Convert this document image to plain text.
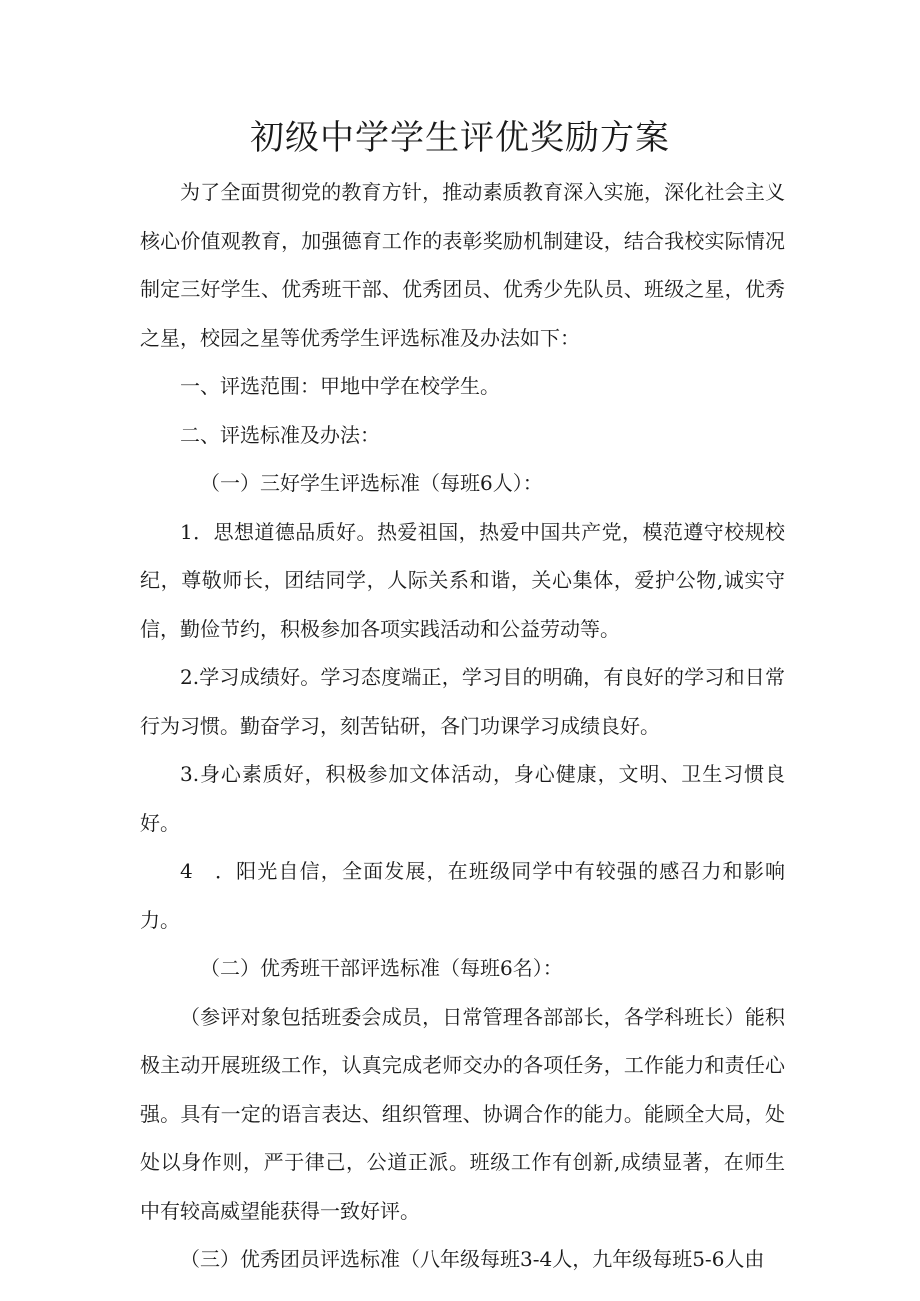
初级中学学生评优奖励方案

为了全面贯彻党的教育方针，推动素质教育深入实施，深化社会主义核心价值观教育，加强德育工作的表彰奖励机制建设，结合我校实际情况制定三好学生、优秀班干部、优秀团员、优秀少先队员、班级之星，优秀之星，校园之星等优秀学生评选标准及办法如下：

一、评选范围：甲地中学在校学生。

二、评选标准及办法：

（一）三好学生评选标准（每班6人）：

1．思想道德品质好。热爱祖国，热爱中国共产党，模范遵守校规校纪，尊敬师长，团结同学，人际关系和谐，关心集体，爱护公物,诚实守信，勤俭节约，积极参加各项实践活动和公益劳动等。

2.学习成绩好。学习态度端正，学习目的明确，有良好的学习和日常行为习惯。勤奋学习，刻苦钻研，各门功课学习成绩良好。

3.身心素质好，积极参加文体活动，身心健康，文明、卫生习惯良好。

4　．阳光自信，全面发展，在班级同学中有较强的感召力和影响力。

（二）优秀班干部评选标准（每班6名）：

（参评对象包括班委会成员，日常管理各部部长，各学科班长）能积极主动开展班级工作，认真完成老师交办的各项任务，工作能力和责任心强。具有一定的语言表达、组织管理、协调合作的能力。能顾全大局，处处以身作则，严于律己，公道正派。班级工作有创新,成绩显著，在师生中有较高威望能获得一致好评。

（三）优秀团员评选标准（八年级每班3-4人，九年级每班5-6人由
